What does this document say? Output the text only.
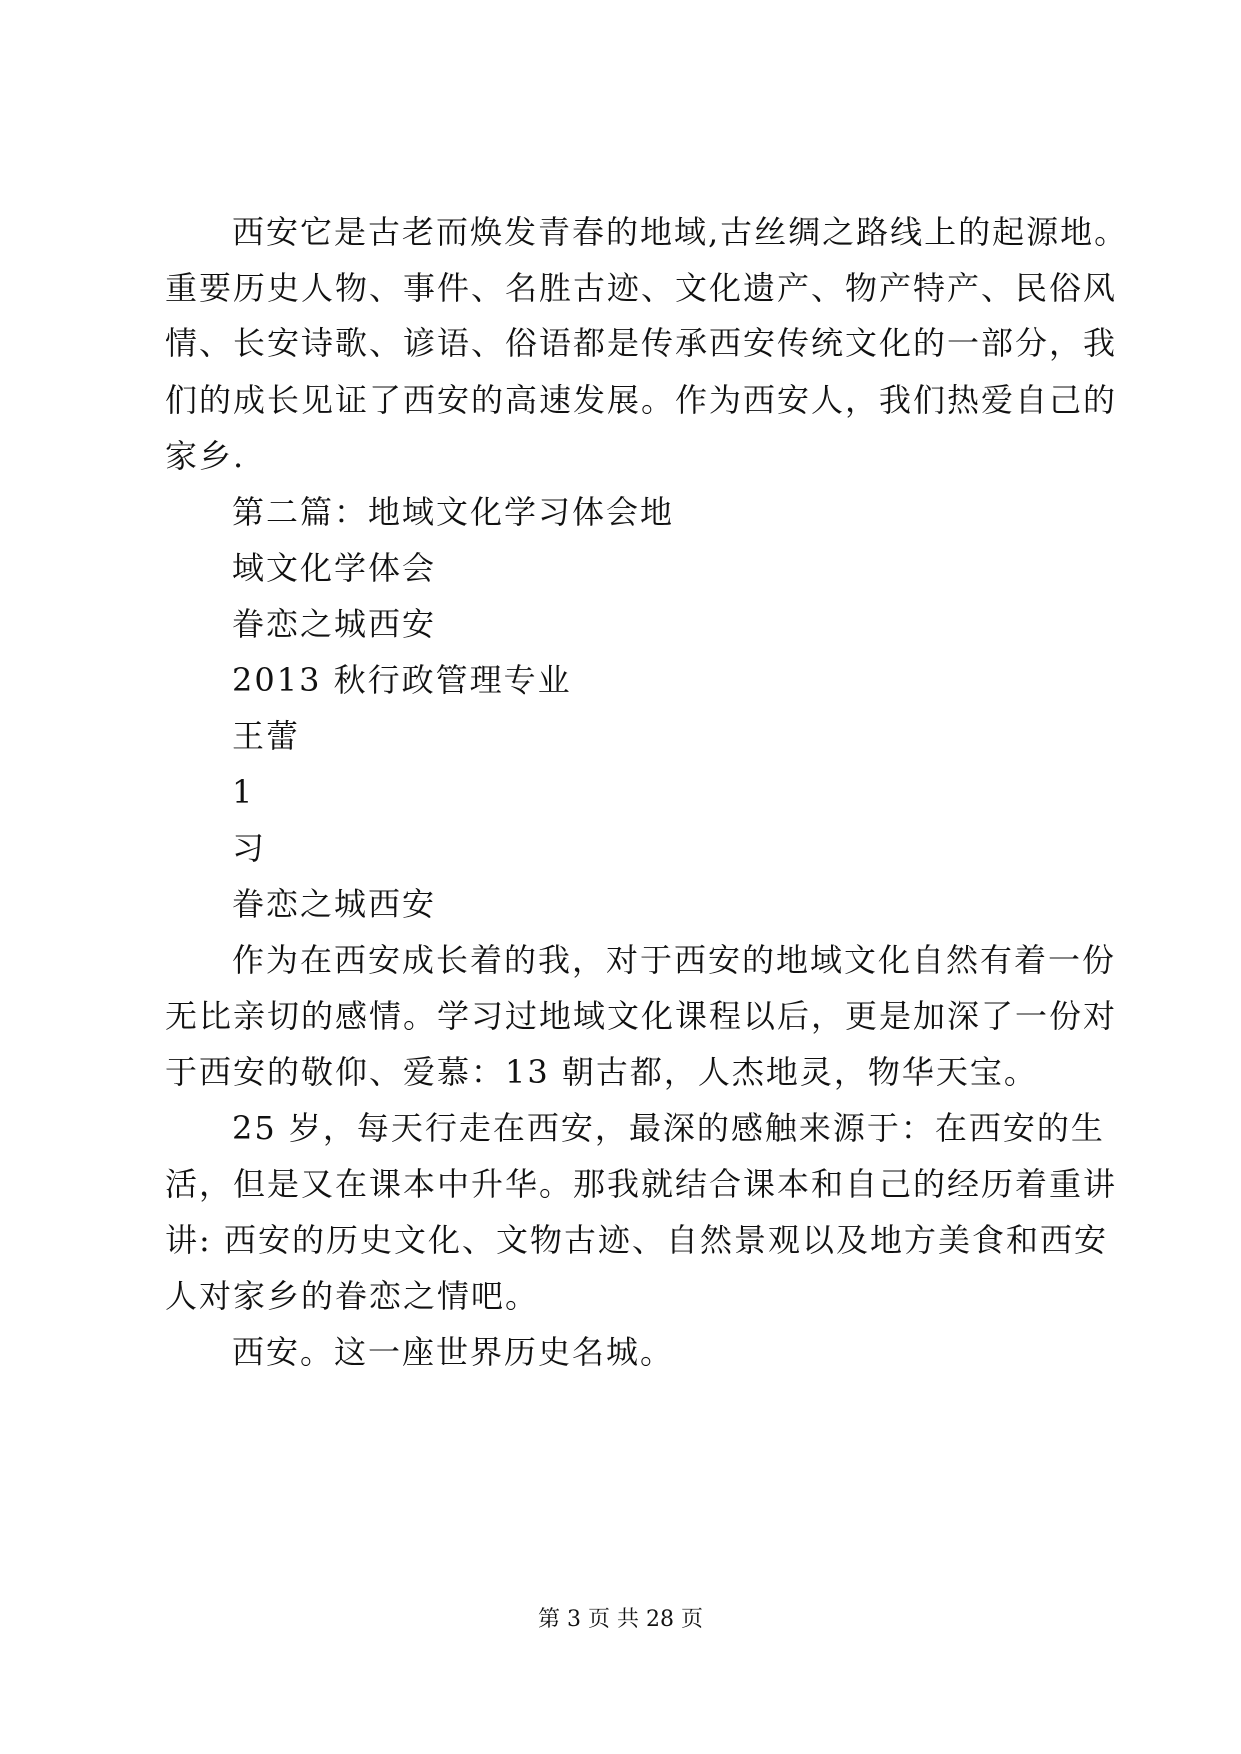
西安它是古老而焕发青春的地域,古丝绸之路线上的起源地。
重要历史人物、事件、名胜古迹、文化遗产、物产特产、民俗风
情、长安诗歌、谚语、俗语都是传承西安传统文化的一部分，我
们的成长见证了西安的高速发展。作为西安人，我们热爱自己的
家乡.
第二篇：地域文化学习体会地
域文化学体会
眷恋之城西安
2013 秋行政管理专业
王蕾
1
习
眷恋之城西安
作为在西安成长着的我，对于西安的地域文化自然有着一份
无比亲切的感情。学习过地域文化课程以后，更是加深了一份对
于西安的敬仰、爱慕：13 朝古都，人杰地灵，物华天宝。
25 岁，每天行走在西安，最深的感触来源于：在西安的生
活，但是又在课本中升华。那我就结合课本和自己的经历着重讲
讲: 西安的历史文化、文物古迹、自然景观以及地方美食和西安
人对家乡的眷恋之情吧。
西安。这一座世界历史名城。
第 3 页 共 28 页
